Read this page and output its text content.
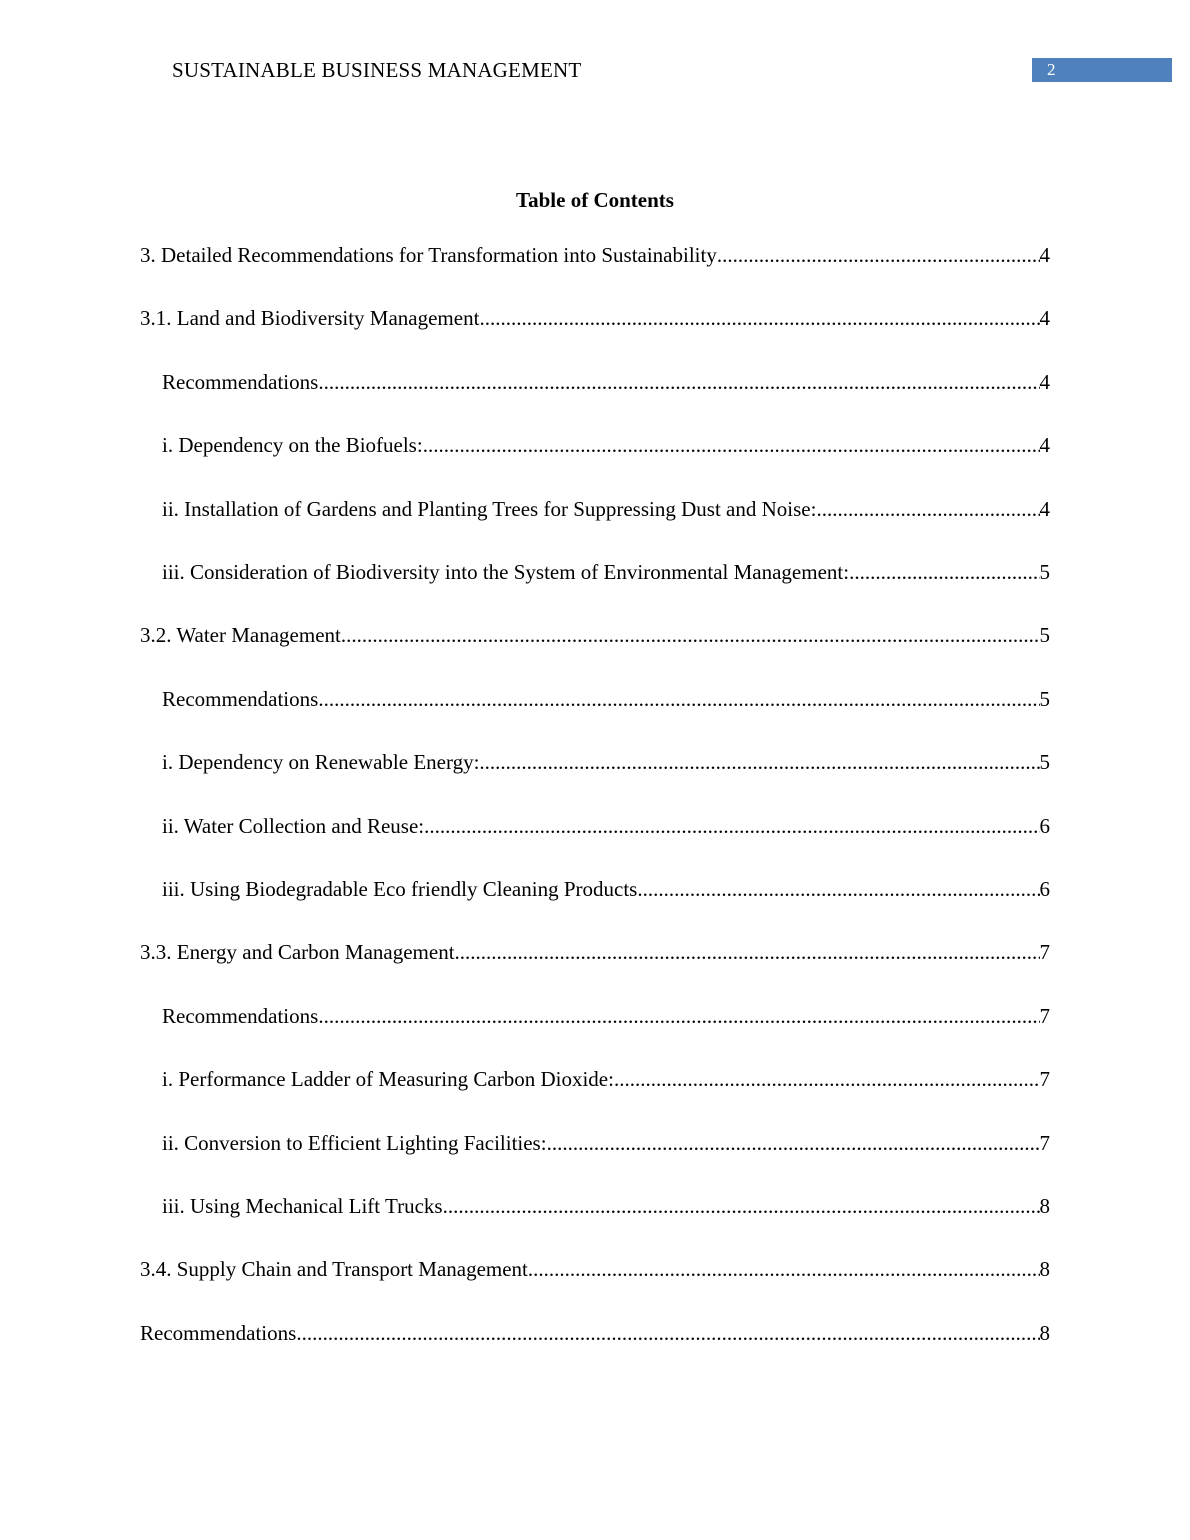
SUSTAINABLE BUSINESS MANAGEMENT	2
Table of Contents
3. Detailed Recommendations for Transformation into Sustainability .....	4
3.1. Land and Biodiversity Management .....	4
Recommendations .....	4
i. Dependency on the Biofuels: .....	4
ii. Installation of Gardens and Planting Trees for Suppressing Dust and Noise: .....	4
iii. Consideration of Biodiversity into the System of Environmental Management: .....	5
3.2. Water Management .....	5
Recommendations .....	5
i. Dependency on Renewable Energy: .....	5
ii. Water Collection and Reuse: .....	6
iii. Using Biodegradable Eco friendly Cleaning Products .....	6
3.3. Energy and Carbon Management .....	7
Recommendations .....	7
i. Performance Ladder of Measuring Carbon Dioxide: .....	7
ii. Conversion to Efficient Lighting Facilities: .....	7
iii. Using Mechanical Lift Trucks .....	8
3.4. Supply Chain and Transport Management .....	8
Recommendations .....	8
